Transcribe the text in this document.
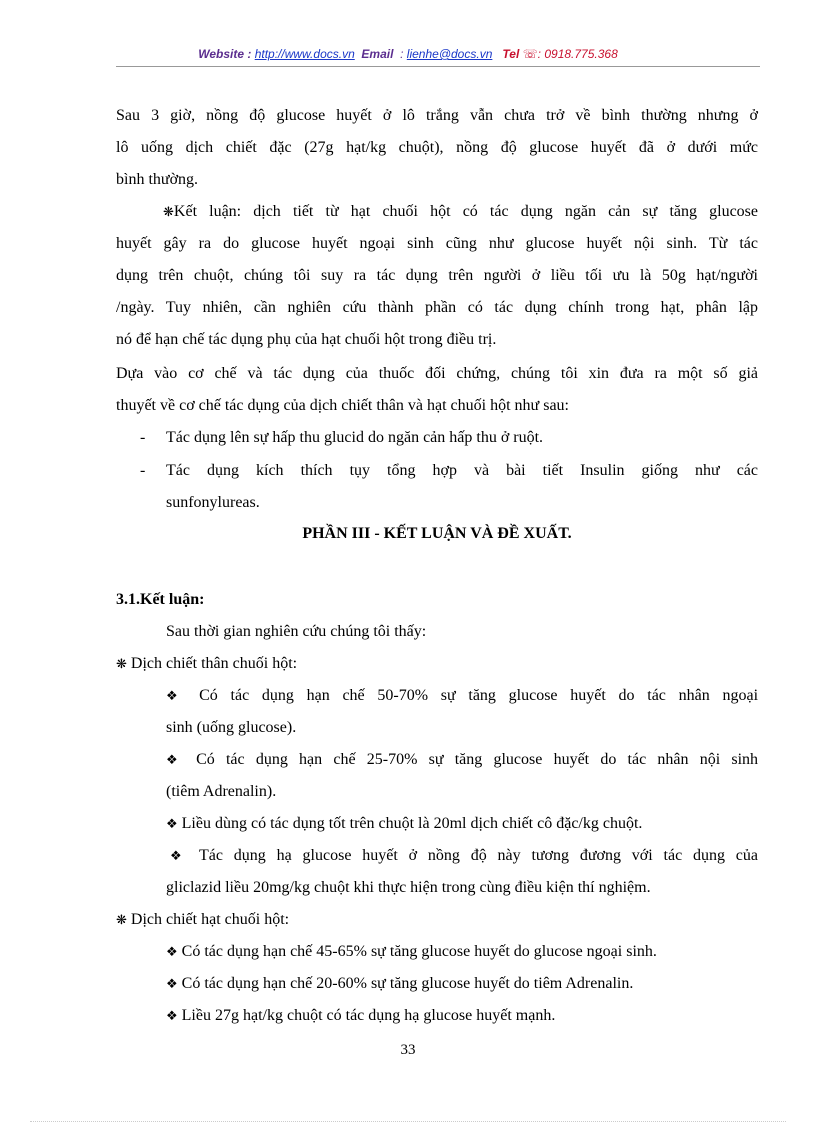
Website : http://www.docs.vn Email : lienhe@docs.vn Tel ☏: 0918.775.368
Sau 3 giờ, nồng độ glucose huyết ở lô trắng vẫn chưa trở về bình thường nhưng ở
lô uống dịch chiết đặc (27g hạt/kg chuột), nồng độ glucose huyết đã ở dưới mức
bình thường.
❋Kết luận: dịch tiết từ hạt chuối hột có tác dụng ngăn cản sự tăng glucose
huyết gây ra do glucose huyết ngoại sinh cũng như glucose huyết nội sinh. Từ tác
dụng trên chuột, chúng tôi suy ra tác dụng trên người ở liều tối ưu là 50g hạt/người
/ngày. Tuy nhiên, cần nghiên cứu thành phần có tác dụng chính trong hạt, phân lập
nó để hạn chế tác dụng phụ của hạt chuối hột trong điều trị.
Dựa vào cơ chế và tác dụng của thuốc đối chứng, chúng tôi xin đưa ra một số giả
thuyết về cơ chế tác dụng của dịch chiết thân và hạt chuối hột như sau:
- Tác dụng lên sự hấp thu glucid do ngăn cản hấp thu ở ruột.
- Tác dụng kích thích tụy tổng hợp và bài tiết Insulin giống như các
sunfonylureas.
PHẦN III - KẾT LUẬN VÀ ĐỀ XUẤT.
3.1.Kết luận:
Sau thời gian nghiên cứu chúng tôi thấy:
❋ Dịch chiết thân chuối hột:
❖ Có tác dụng hạn chế 50-70% sự tăng glucose huyết do tác nhân ngoại
sinh (uống glucose).
❖ Có tác dụng hạn chế 25-70% sự tăng glucose huyết do tác nhân nội sinh
(tiêm Adrenalin).
❖ Liều dùng có tác dụng tốt trên chuột là 20ml dịch chiết cô đặc/kg chuột.
❖ Tác dụng hạ glucose huyết ở nồng độ này tương đương với tác dụng của
gliclazid liều 20mg/kg chuột khi thực hiện trong cùng điều kiện thí nghiệm.
❋ Dịch chiết hạt chuối hột:
❖ Có tác dụng hạn chế 45-65% sự tăng glucose huyết do glucose ngoại sinh.
❖ Có tác dụng hạn chế 20-60% sự tăng glucose huyết do tiêm Adrenalin.
❖ Liều 27g hạt/kg chuột có tác dụng hạ glucose huyết mạnh.
33
